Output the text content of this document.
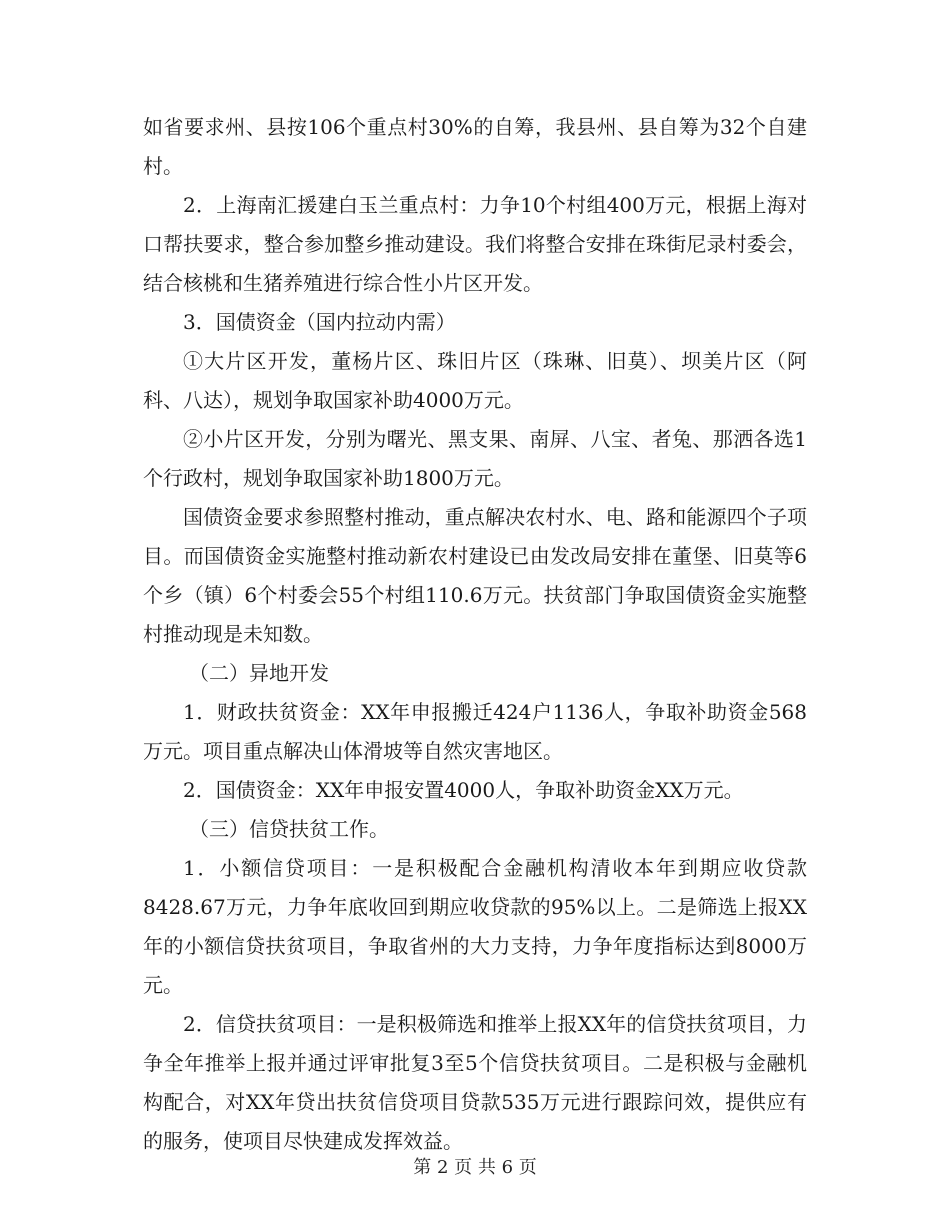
如省要求州、县按106个重点村30%的自筹，我县州、县自筹为32个自建村。

2．上海南汇援建白玉兰重点村：力争10个村组400万元，根据上海对口帮扶要求，整合参加整乡推动建设。我们将整合安排在珠街尼录村委会，结合核桃和生猪养殖进行综合性小片区开发。

3．国债资金（国内拉动内需）

①大片区开发，董杨片区、珠旧片区（珠琳、旧莫）、坝美片区（阿科、八达），规划争取国家补助4000万元。

②小片区开发，分别为曙光、黑支果、南屏、八宝、者兔、那洒各选1个行政村，规划争取国家补助1800万元。

国债资金要求参照整村推动，重点解决农村水、电、路和能源四个子项目。而国债资金实施整村推动新农村建设已由发改局安排在董堡、旧莫等6个乡（镇）6个村委会55个村组110.6万元。扶贫部门争取国债资金实施整村推动现是未知数。

（二）异地开发

1．财政扶贫资金：XX年申报搬迁424户1136人，争取补助资金568万元。项目重点解决山体滑坡等自然灾害地区。

2．国债资金：XX年申报安置4000人，争取补助资金XX万元。

（三）信贷扶贫工作。

1．小额信贷项目：一是积极配合金融机构清收本年到期应收贷款8428.67万元，力争年底收回到期应收贷款的95%以上。二是筛选上报XX年的小额信贷扶贫项目，争取省州的大力支持，力争年度指标达到8000万元。

2．信贷扶贫项目：一是积极筛选和推举上报XX年的信贷扶贫项目，力争全年推举上报并通过评审批复3至5个信贷扶贫项目。二是积极与金融机构配合，对XX年贷出扶贫信贷项目贷款535万元进行跟踪问效，提供应有的服务，使项目尽快建成发挥效益。

第 2 页 共 6 页
